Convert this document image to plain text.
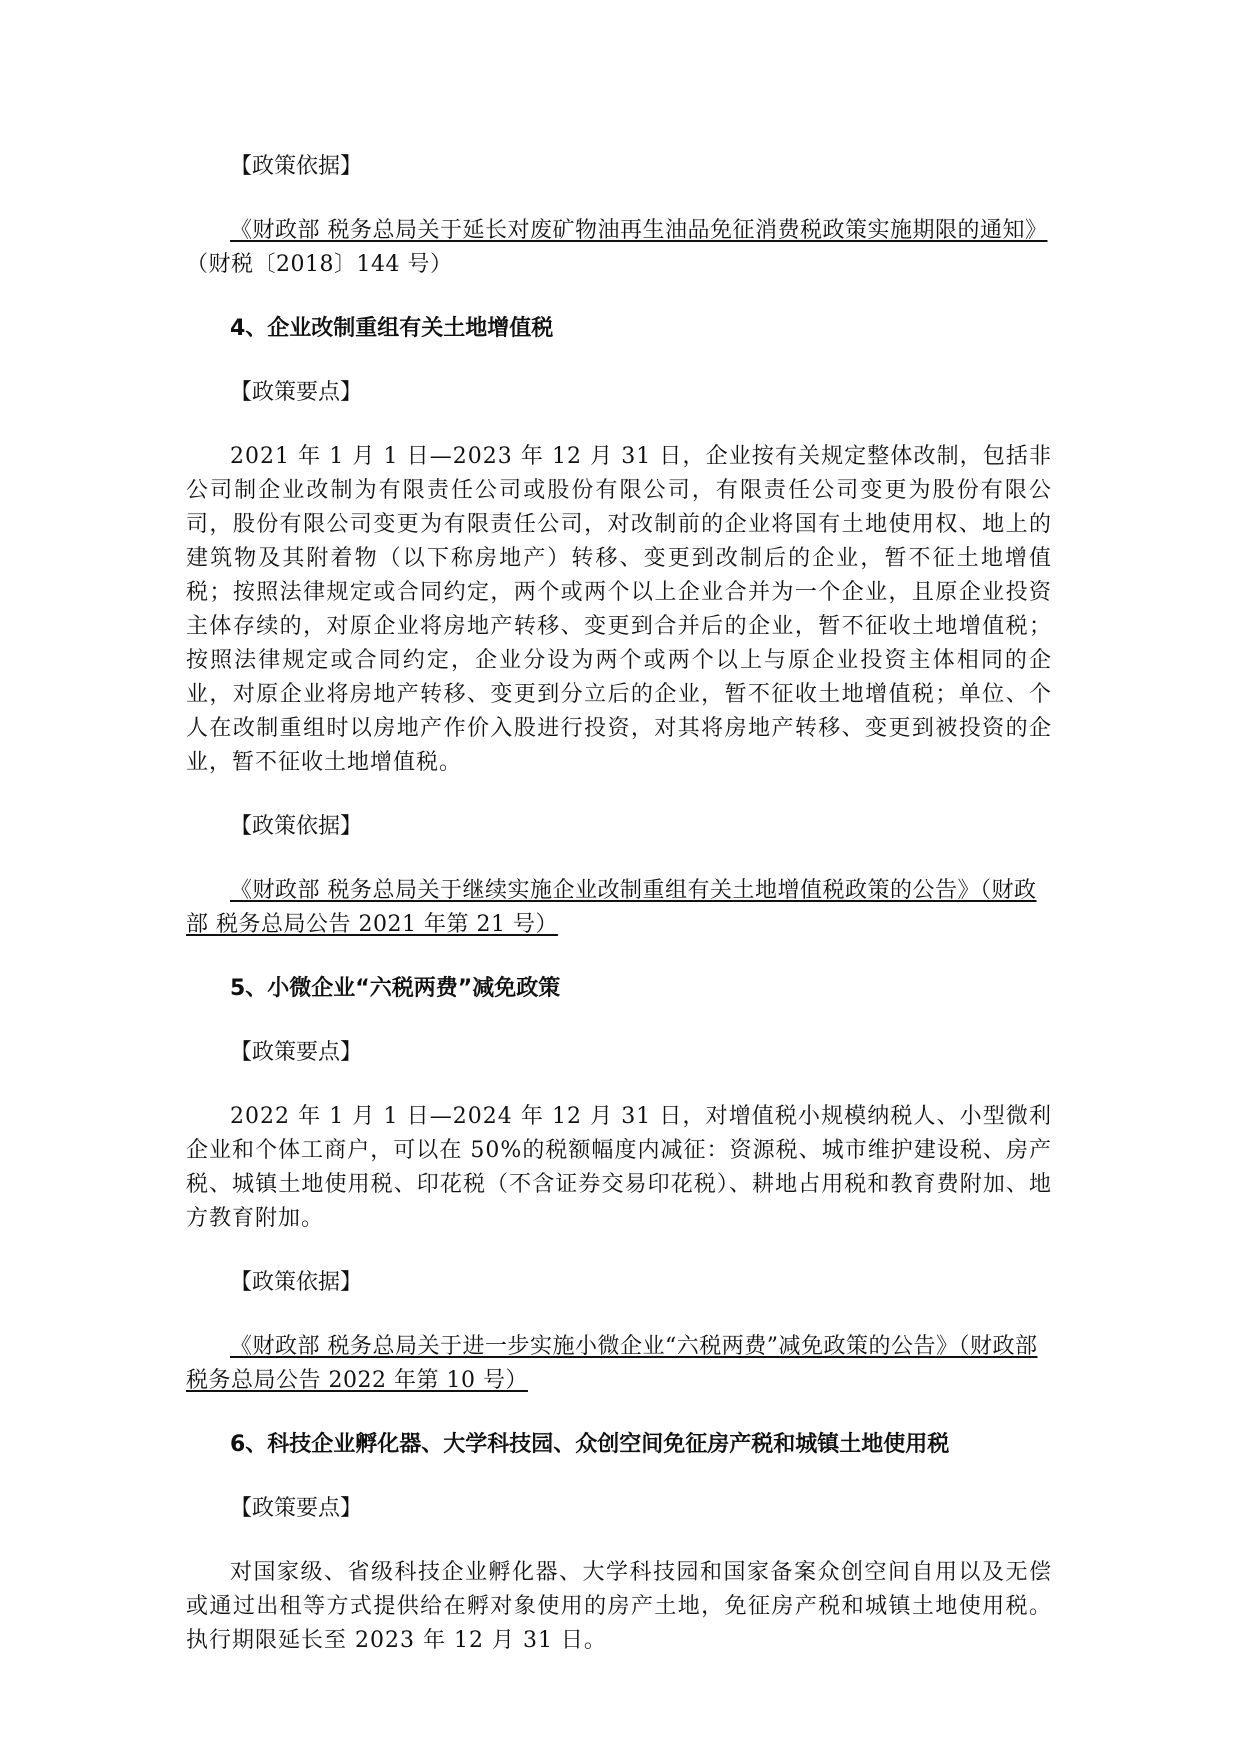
【政策依据】

《财政部 税务总局关于延长对废矿物油再生油品免征消费税政策实施期限的通知》（财税〔2018〕144 号）

4、企业改制重组有关土地增值税

【政策要点】

2021 年 1 月 1 日—2023 年 12 月 31 日，企业按有关规定整体改制，包括非公司制企业改制为有限责任公司或股份有限公司，有限责任公司变更为股份有限公司，股份有限公司变更为有限责任公司，对改制前的企业将国有土地使用权、地上的建筑物及其附着物（以下称房地产）转移、变更到改制后的企业，暂不征土地增值税；按照法律规定或合同约定，两个或两个以上企业合并为一个企业，且原企业投资主体存续的，对原企业将房地产转移、变更到合并后的企业，暂不征收土地增值税；按照法律规定或合同约定，企业分设为两个或两个以上与原企业投资主体相同的企业，对原企业将房地产转移、变更到分立后的企业，暂不征收土地增值税；单位、个人在改制重组时以房地产作价入股进行投资，对其将房地产转移、变更到被投资的企业，暂不征收土地增值税。

【政策依据】

《财政部 税务总局关于继续实施企业改制重组有关土地增值税政策的公告》（财政部 税务总局公告 2021 年第 21 号）

5、小微企业“六税两费”减免政策

【政策要点】

2022 年 1 月 1 日—2024 年 12 月 31 日，对增值税小规模纳税人、小型微利企业和个体工商户，可以在 50%的税额幅度内减征：资源税、城市维护建设税、房产税、城镇土地使用税、印花税（不含证券交易印花税）、耕地占用税和教育费附加、地方教育附加。

【政策依据】

《财政部 税务总局关于进一步实施小微企业“六税两费”减免政策的公告》（财政部 税务总局公告 2022 年第 10 号）

6、科技企业孵化器、大学科技园、众创空间免征房产税和城镇土地使用税

【政策要点】

对国家级、省级科技企业孵化器、大学科技园和国家备案众创空间自用以及无偿或通过出租等方式提供给在孵对象使用的房产土地，免征房产税和城镇土地使用税。执行期限延长至 2023 年 12 月 31 日。
